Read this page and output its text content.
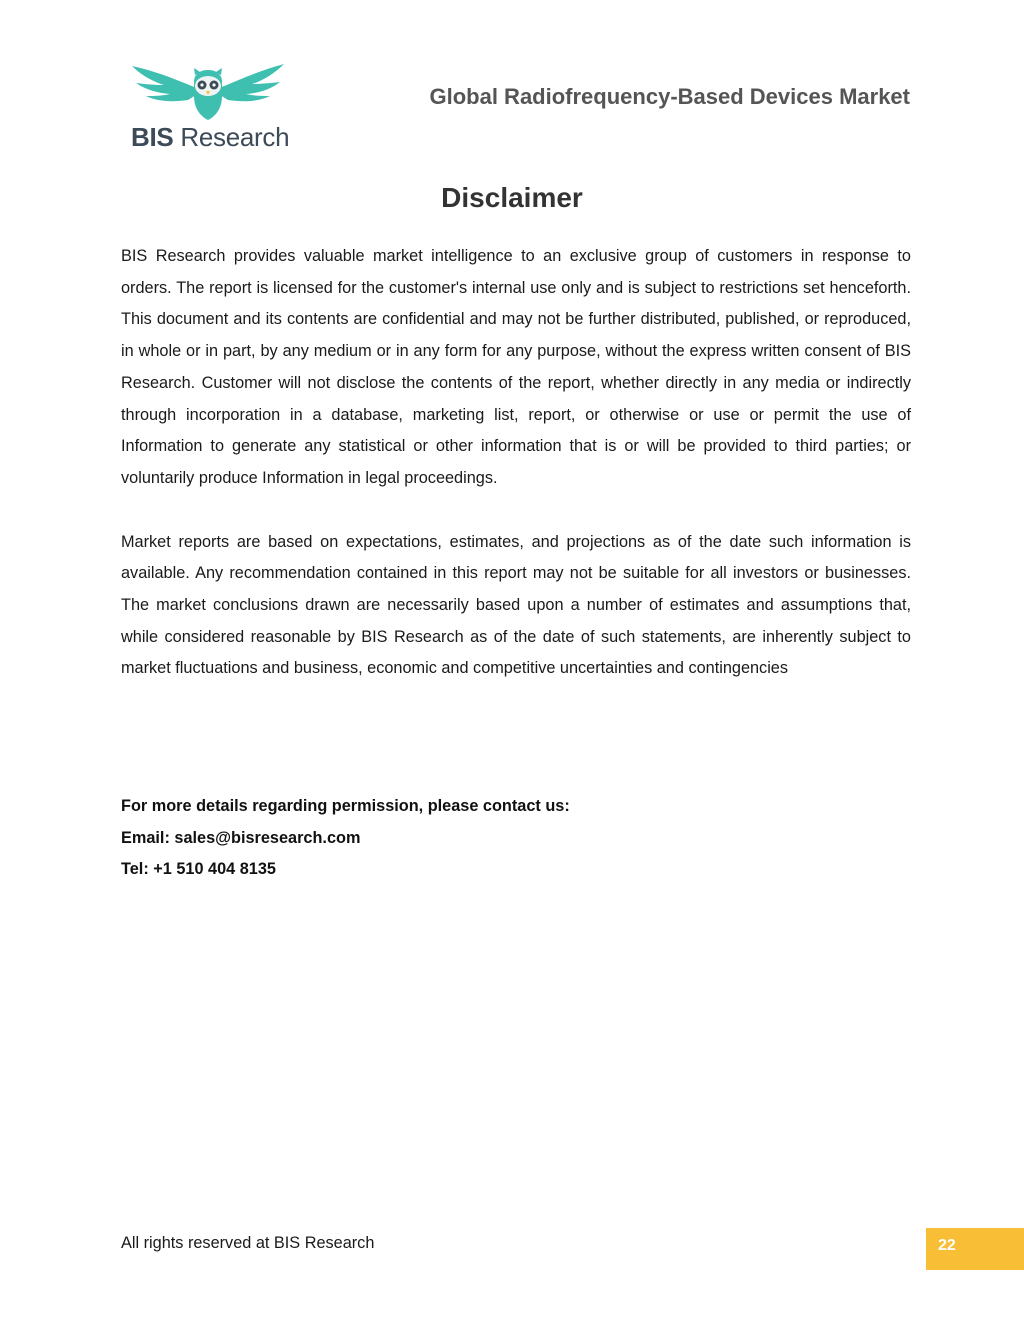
BIS Research
Global Radiofrequency-Based Devices Market
Disclaimer

BIS Research provides valuable market intelligence to an exclusive group of customers in response to orders. The report is licensed for the customer's internal use only and is subject to restrictions set henceforth. This document and its contents are confidential and may not be further distributed, published, or reproduced, in whole or in part, by any medium or in any form for any purpose, without the express written consent of BIS Research. Customer will not disclose the contents of the report, whether directly in any media or indirectly through incorporation in a database, marketing list, report, or otherwise or use or permit the use of Information to generate any statistical or other information that is or will be provided to third parties; or voluntarily produce Information in legal proceedings.

Market reports are based on expectations, estimates, and projections as of the date such information is available. Any recommendation contained in this report may not be suitable for all investors or businesses. The market conclusions drawn are necessarily based upon a number of estimates and assumptions that, while considered reasonable by BIS Research as of the date of such statements, are inherently subject to market fluctuations and business, economic and competitive uncertainties and contingencies

For more details regarding permission, please contact us:
Email: sales@bisresearch.com
Tel: +1 510 404 8135
All rights reserved at BIS Research	22
